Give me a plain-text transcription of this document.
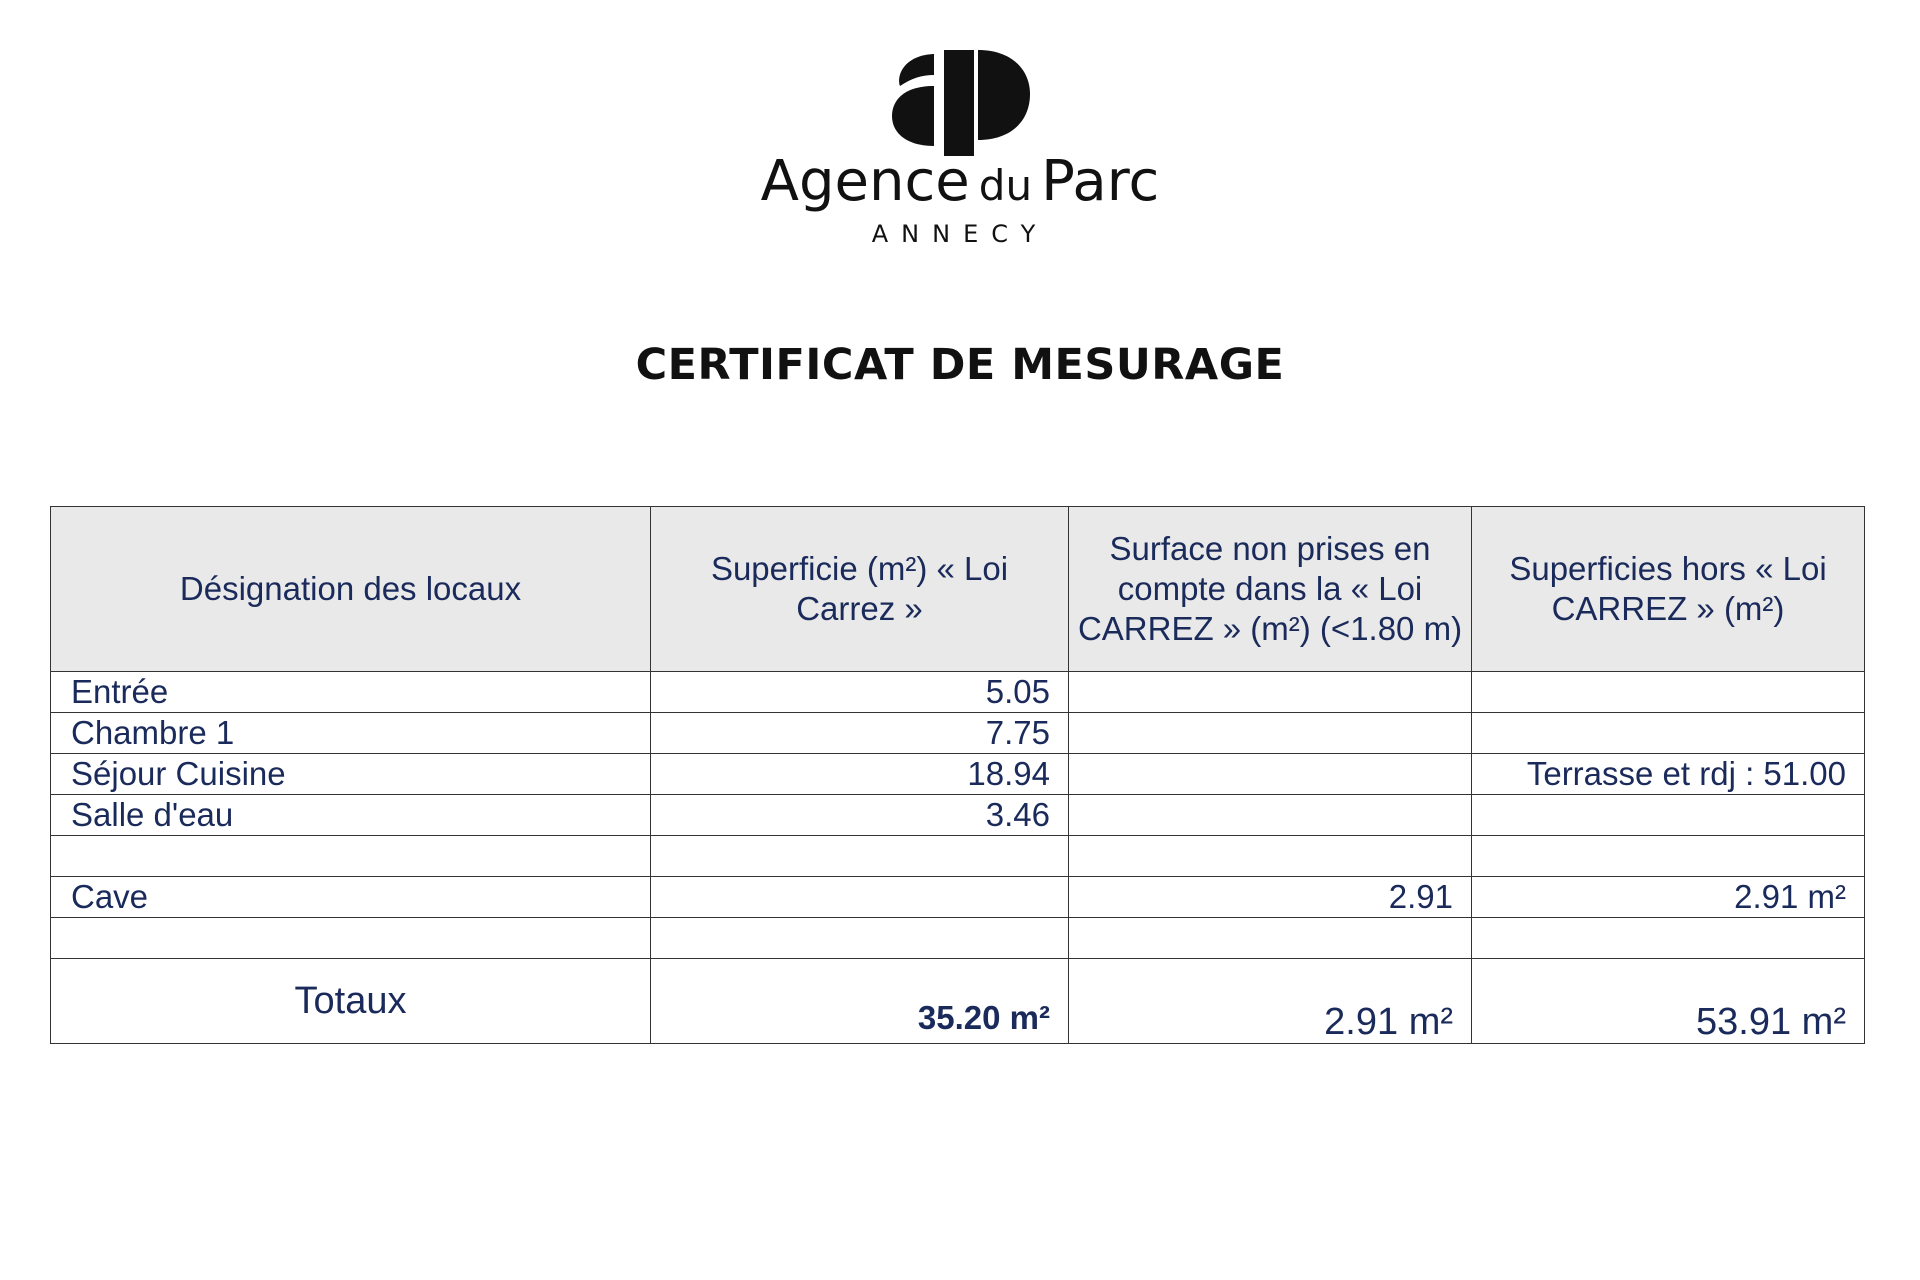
Agence du Parc
ANNECY
CERTIFICAT DE MESURAGE
Désignation des locaux	Superficie (m²) « Loi Carrez »	Surface non prises en compte dans la « Loi CARREZ » (m²) (<1.80 m)	Superficies hors « Loi CARREZ » (m²)
Entrée	5.05		
Chambre 1	7.75		
Séjour Cuisine	18.94		Terrasse et rdj : 51.00
Salle d'eau	3.46		

Cave		2.91	2.91 m²

Totaux	35.20 m²	2.91 m²	53.91 m²
